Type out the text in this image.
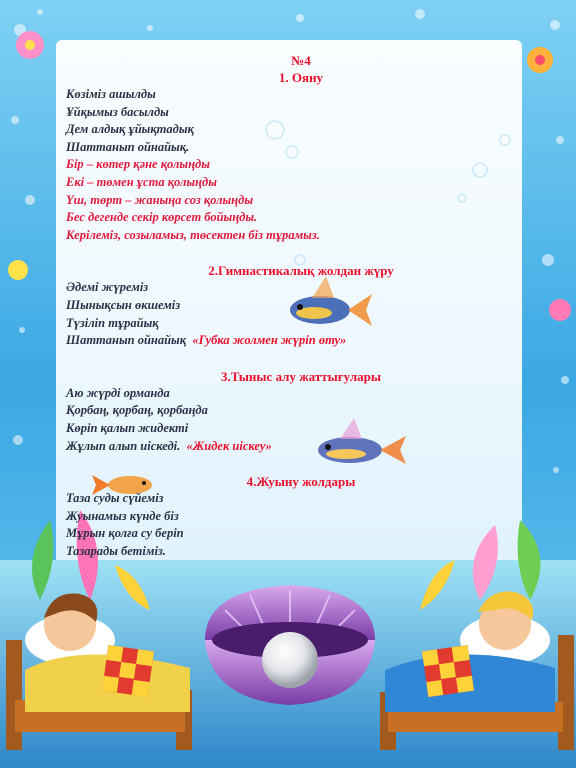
№4
1. Ояну
Көзіміз ашылды
Ұйқымыз басылды
Дем алдық ұйықтадық
Шаттанып ойнайық.
Бір – көтер қәне қолыңды
Екі – төмен ұста қолыңды
Үш, төрт – жаныңа соз қолыңды
Бес дегенде секір көрсет бойыңды.
Керілеміз, созыламыз, төсектен біз тұрамыз.
2.Гимнастикалық жолдан жүру
Әдемі жүреміз
Шынықсын өкшеміз
Түзіліп тұрайық
Шаттанып ойнайық «Губка жолмен жүріп өту»
3.Тыныс алу жаттығулары
Аю жүрді орманда
Қорбаң, қорбаң, қорбаңда
Көріп қалып жидекті
Жұлып алып иіскеді. «Жидек иіскеу»
4.Жуыну жолдары
Таза суды сүйеміз
Жуынамыз күнде біз
Мұрын қолға су беріп
Тазарады бетіміз.
